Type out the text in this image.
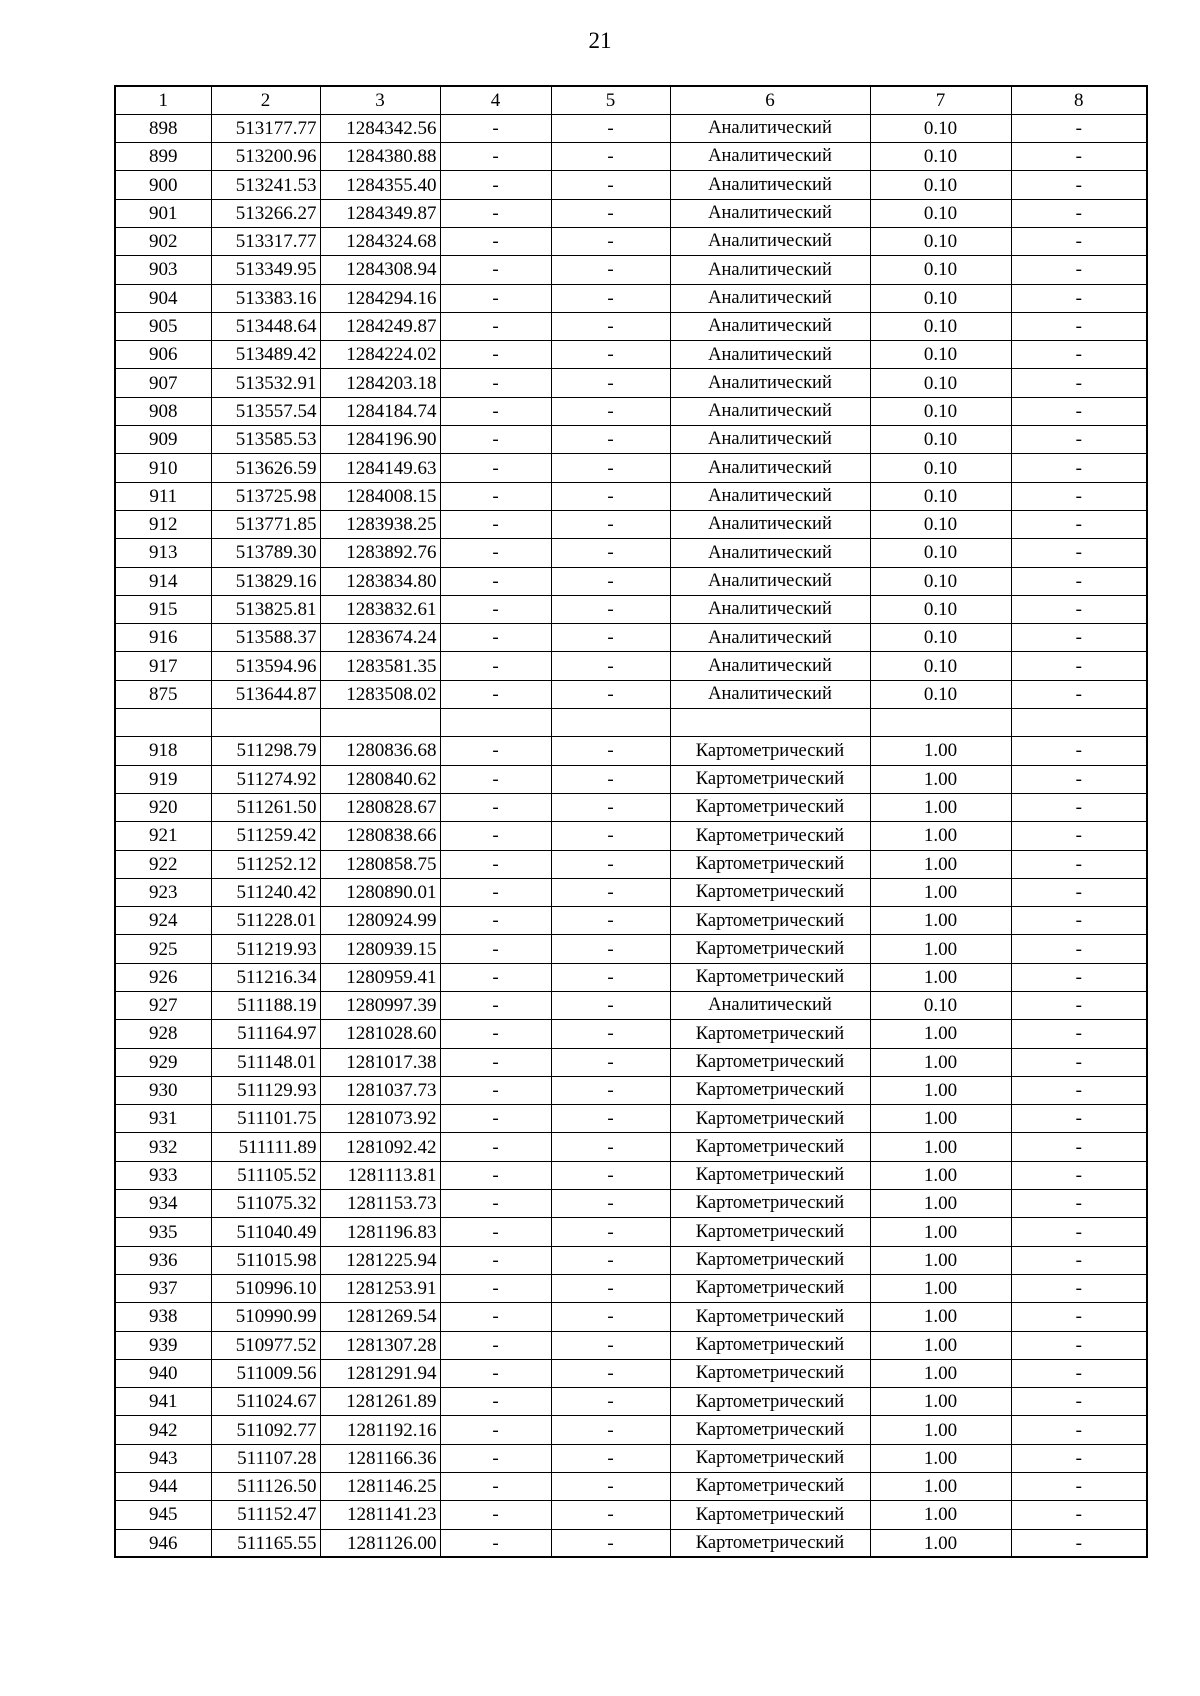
21
1	2	3	4	5	6	7	8
898	513177.77	1284342.56	-	-	Аналитический	0.10	-
899	513200.96	1284380.88	-	-	Аналитический	0.10	-
900	513241.53	1284355.40	-	-	Аналитический	0.10	-
901	513266.27	1284349.87	-	-	Аналитический	0.10	-
902	513317.77	1284324.68	-	-	Аналитический	0.10	-
903	513349.95	1284308.94	-	-	Аналитический	0.10	-
904	513383.16	1284294.16	-	-	Аналитический	0.10	-
905	513448.64	1284249.87	-	-	Аналитический	0.10	-
906	513489.42	1284224.02	-	-	Аналитический	0.10	-
907	513532.91	1284203.18	-	-	Аналитический	0.10	-
908	513557.54	1284184.74	-	-	Аналитический	0.10	-
909	513585.53	1284196.90	-	-	Аналитический	0.10	-
910	513626.59	1284149.63	-	-	Аналитический	0.10	-
911	513725.98	1284008.15	-	-	Аналитический	0.10	-
912	513771.85	1283938.25	-	-	Аналитический	0.10	-
913	513789.30	1283892.76	-	-	Аналитический	0.10	-
914	513829.16	1283834.80	-	-	Аналитический	0.10	-
915	513825.81	1283832.61	-	-	Аналитический	0.10	-
916	513588.37	1283674.24	-	-	Аналитический	0.10	-
917	513594.96	1283581.35	-	-	Аналитический	0.10	-
875	513644.87	1283508.02	-	-	Аналитический	0.10	-

918	511298.79	1280836.68	-	-	Картометрический	1.00	-
919	511274.92	1280840.62	-	-	Картометрический	1.00	-
920	511261.50	1280828.67	-	-	Картометрический	1.00	-
921	511259.42	1280838.66	-	-	Картометрический	1.00	-
922	511252.12	1280858.75	-	-	Картометрический	1.00	-
923	511240.42	1280890.01	-	-	Картометрический	1.00	-
924	511228.01	1280924.99	-	-	Картометрический	1.00	-
925	511219.93	1280939.15	-	-	Картометрический	1.00	-
926	511216.34	1280959.41	-	-	Картометрический	1.00	-
927	511188.19	1280997.39	-	-	Аналитический	0.10	-
928	511164.97	1281028.60	-	-	Картометрический	1.00	-
929	511148.01	1281017.38	-	-	Картометрический	1.00	-
930	511129.93	1281037.73	-	-	Картометрический	1.00	-
931	511101.75	1281073.92	-	-	Картометрический	1.00	-
932	511111.89	1281092.42	-	-	Картометрический	1.00	-
933	511105.52	1281113.81	-	-	Картометрический	1.00	-
934	511075.32	1281153.73	-	-	Картометрический	1.00	-
935	511040.49	1281196.83	-	-	Картометрический	1.00	-
936	511015.98	1281225.94	-	-	Картометрический	1.00	-
937	510996.10	1281253.91	-	-	Картометрический	1.00	-
938	510990.99	1281269.54	-	-	Картометрический	1.00	-
939	510977.52	1281307.28	-	-	Картометрический	1.00	-
940	511009.56	1281291.94	-	-	Картометрический	1.00	-
941	511024.67	1281261.89	-	-	Картометрический	1.00	-
942	511092.77	1281192.16	-	-	Картометрический	1.00	-
943	511107.28	1281166.36	-	-	Картометрический	1.00	-
944	511126.50	1281146.25	-	-	Картометрический	1.00	-
945	511152.47	1281141.23	-	-	Картометрический	1.00	-
946	511165.55	1281126.00	-	-	Картометрический	1.00	-
